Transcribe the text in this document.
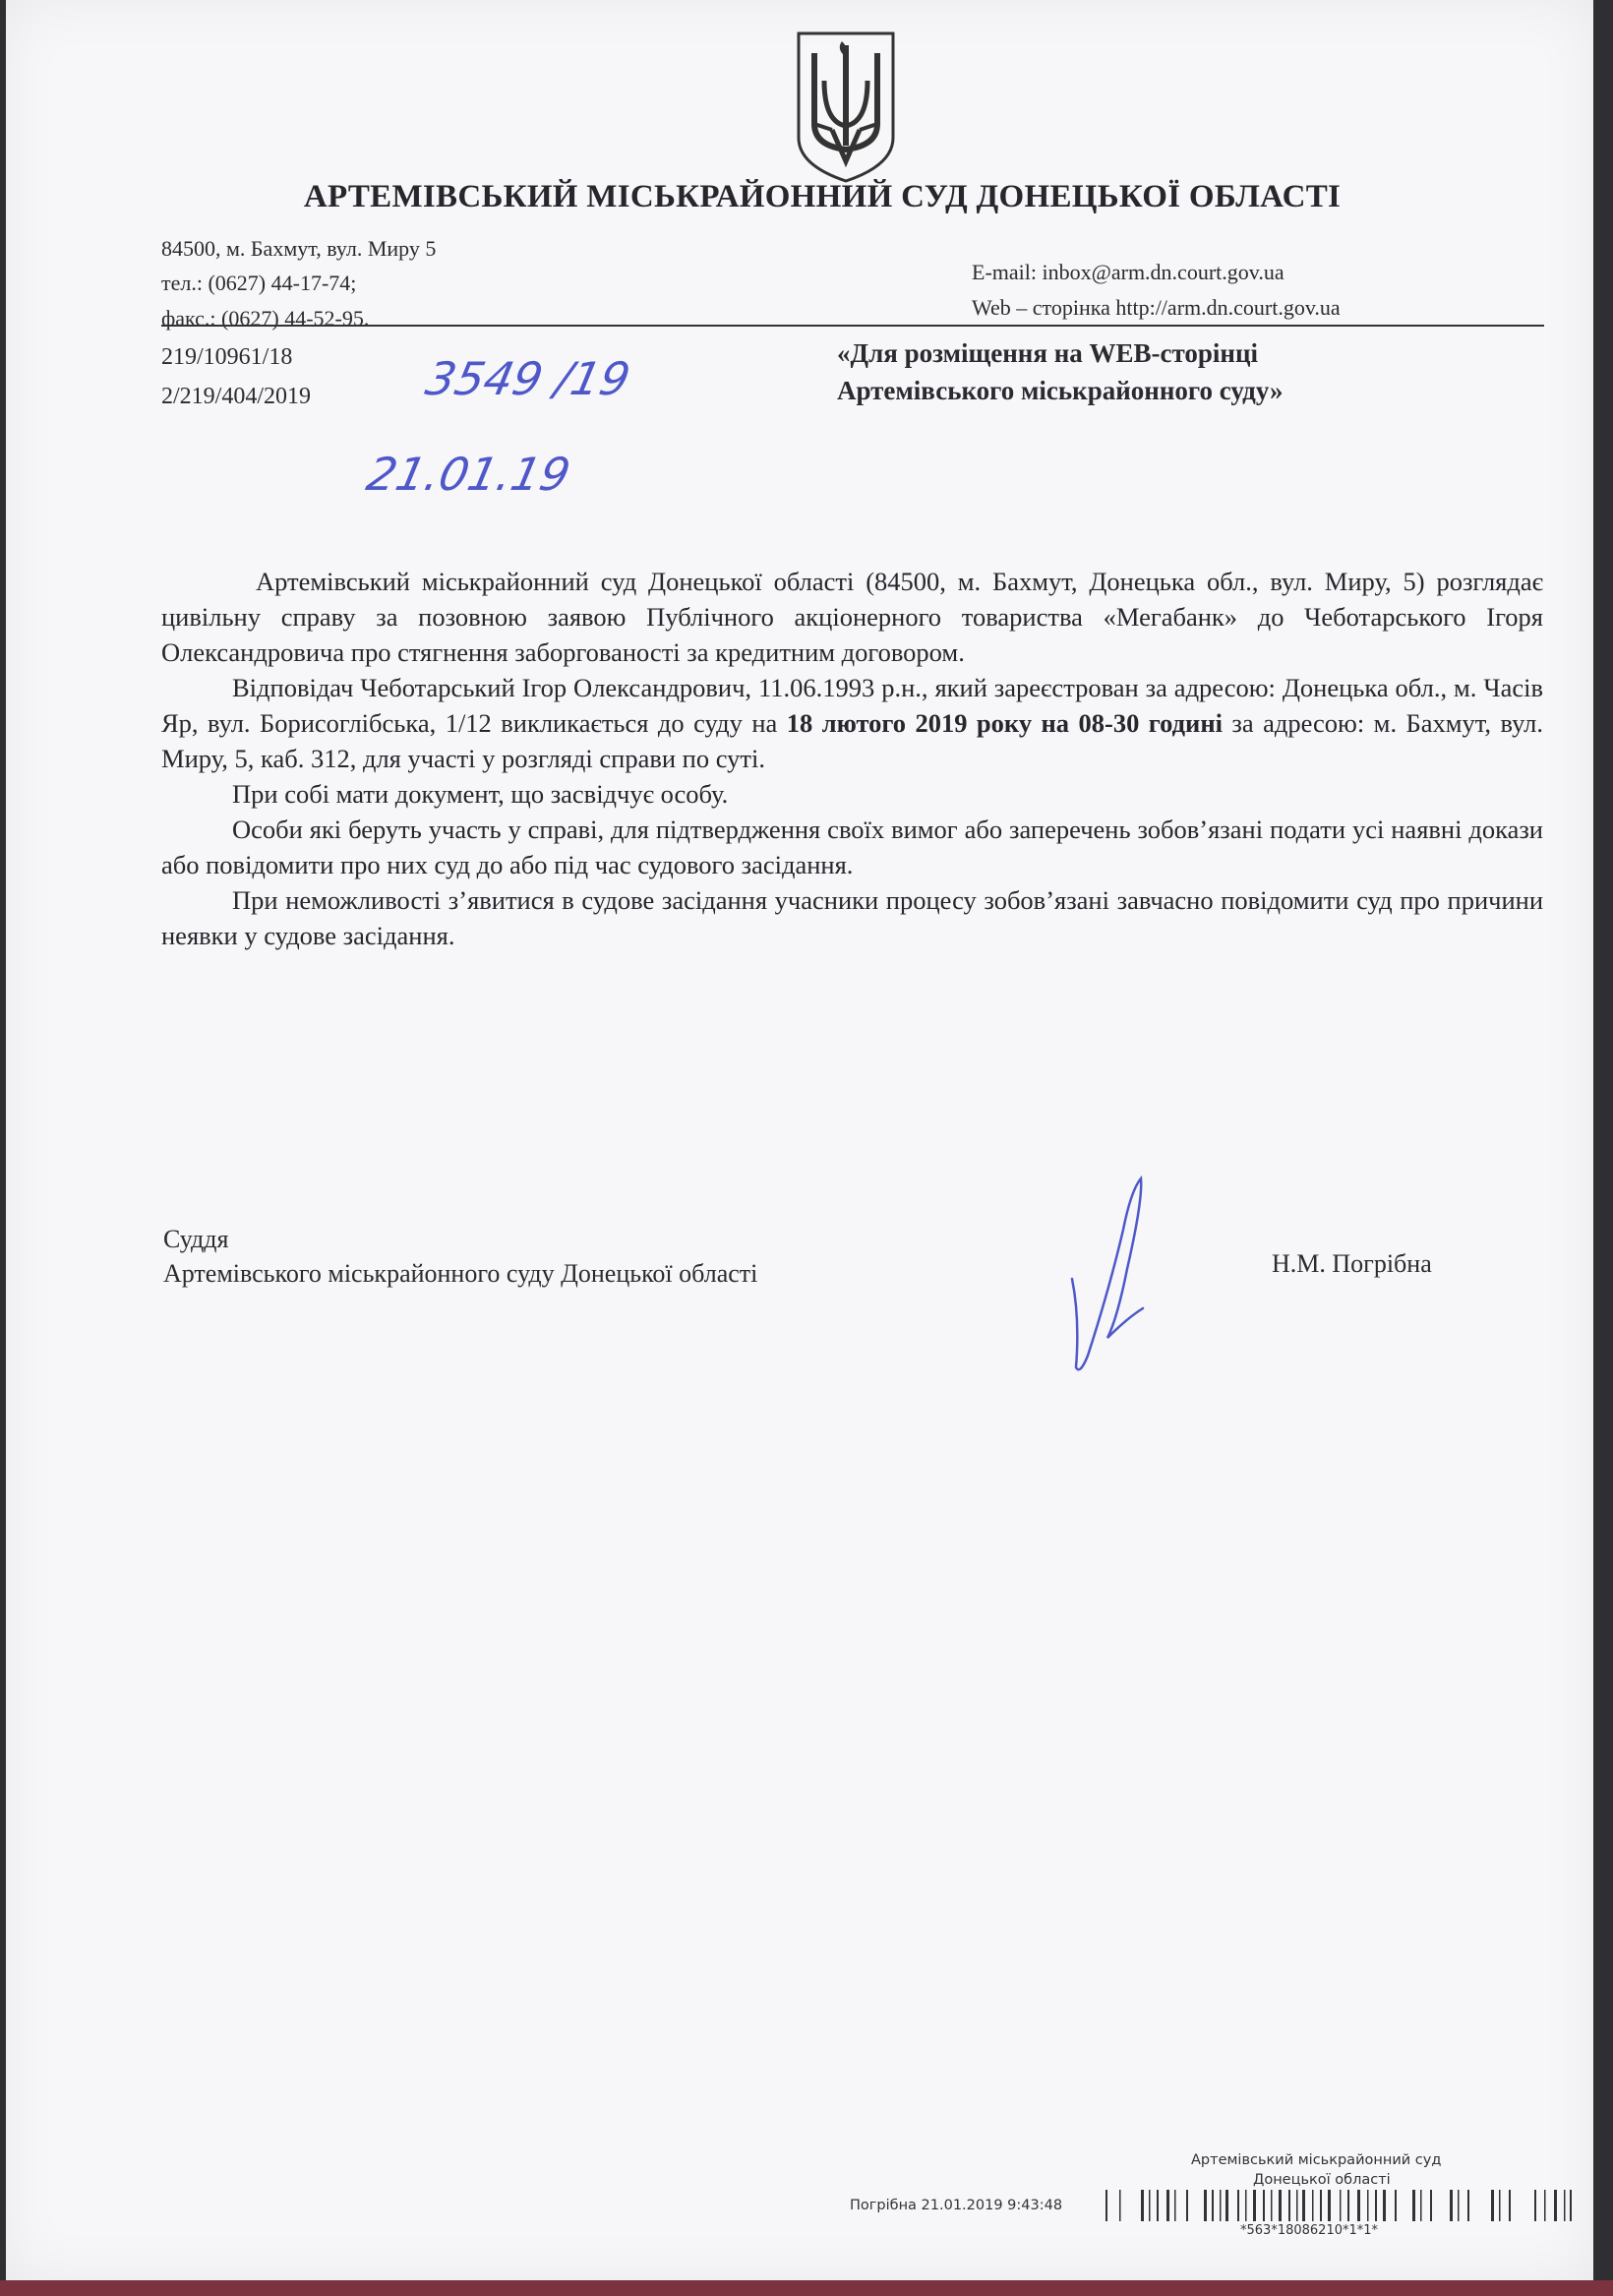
АРТЕМІВСЬКИЙ МІСЬКРАЙОННИЙ СУД ДОНЕЦЬКОЇ ОБЛАСТІ
84500, м. Бахмут, вул. Миру 5
тел.: (0627) 44-17-74;
факс.: (0627) 44-52-95.
E-mail: inbox@arm.dn.court.gov.ua
Web – сторінка http://arm.dn.court.gov.ua
219/10961/18
2/219/404/2019 3549 /19
21.01.19
«Для розміщення на WEB-сторінці
Артемівського міськрайонного суду»

Артемівський міськрайонний суд Донецької області (84500, м. Бахмут, Донецька обл., вул. Миру, 5) розглядає цивільну справу за позовною заявою Публічного акціонерного товариства «Мегабанк» до Чеботарського Ігоря Олександровича про стягнення заборгованості за кредитним договором.

Відповідач Чеботарський Ігор Олександрович, 11.06.1993 р.н., який зареєстрован за адресою: Донецька обл., м. Часів Яр, вул. Борисоглібська, 1/12 викликається до суду на 18 лютого 2019 року на 08-30 годині за адресою: м. Бахмут, вул. Миру, 5, каб. 312, для участі у розгляді справи по суті.

При собі мати документ, що засвідчує особу.

Особи які беруть участь у справі, для підтвердження своїх вимог або заперечень зобов’язані подати усі наявні докази або повідомити про них суд до або під час судового засідання.

При неможливості з’явитися в судове засідання учасники процесу зобов’язані завчасно повідомити суд про причини неявки у судове засідання.

Суддя
Артемівського міськрайонного суду Донецької області	Н.М. Погрібна
Артемівський міськрайонний суд
Донецької області
Погрібна 21.01.2019 9:43:48
*563*18086210*1*1*
